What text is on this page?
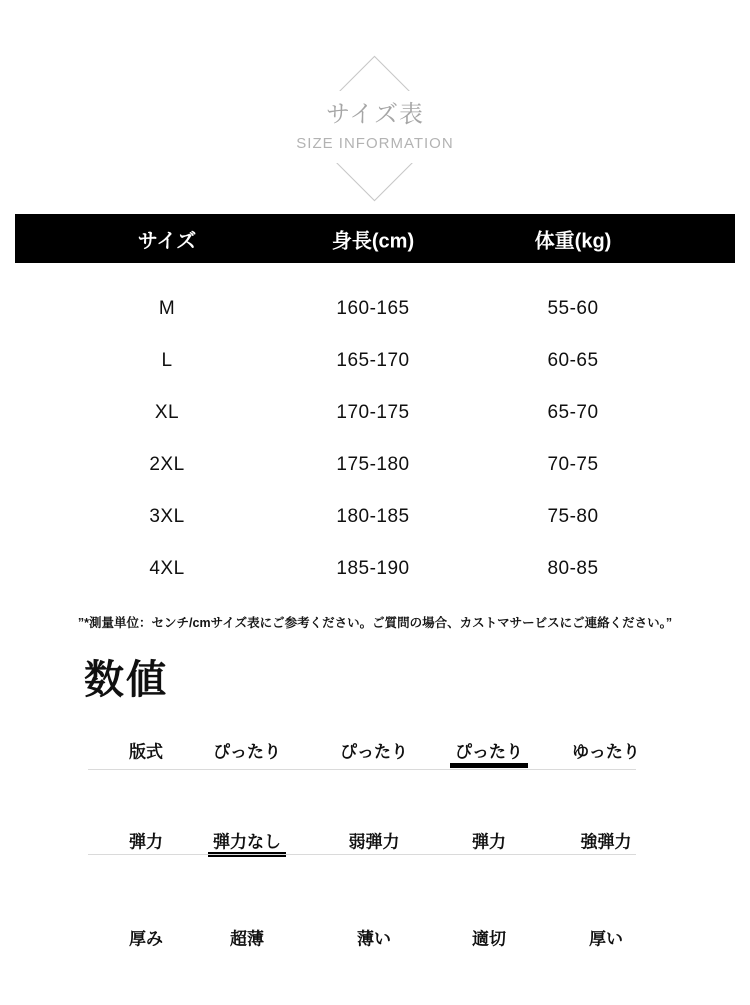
サイズ表
SIZE INFORMATION
サイズ	身長(cm)	体重(kg)
M	160-165	55-60
L	165-170	60-65
XL	170-175	65-70
2XL	175-180	70-75
3XL	180-185	75-80
4XL	185-190	80-85

”*測量単位：センチ/cmサイズ表にご参考ください。ご質問の場合、カストマサービスにご連絡ください。”

数値
版式	ぴったり	ぴったり	ぴったり	ゆったり
弾力	弾力なし	弱弾力	弾力	強弾力
厚み	超薄	薄い	適切	厚い
